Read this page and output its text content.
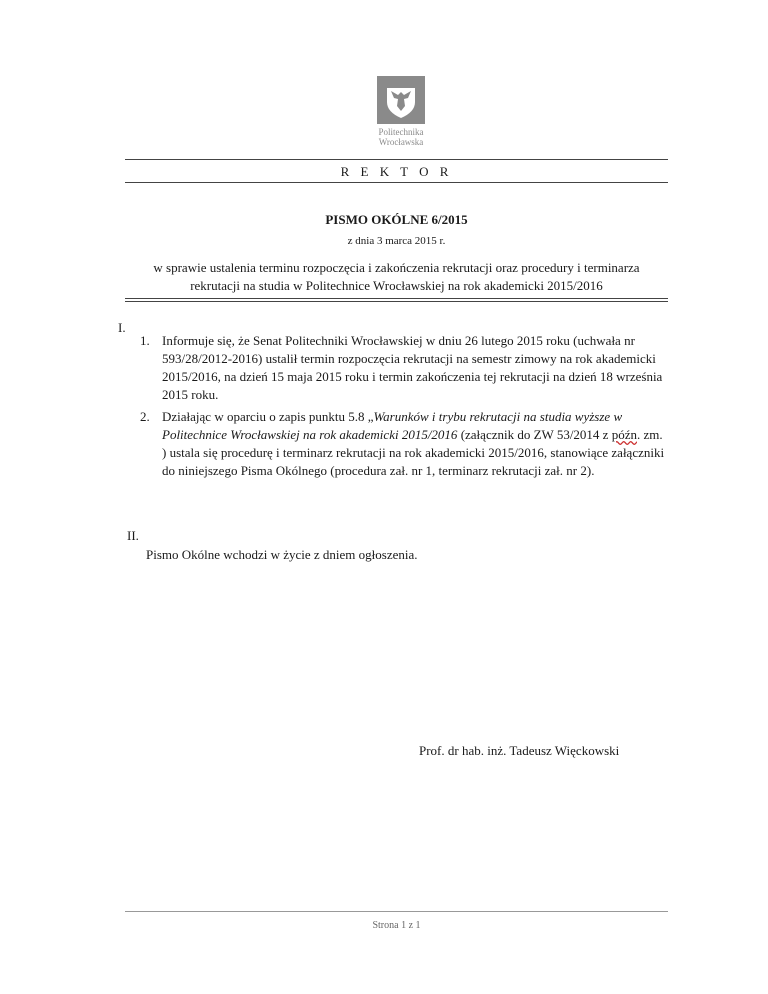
Politechnika
Wrocławska
R E K T O R
PISMO OKÓLNE 6/2015
z dnia 3 marca 2015 r.
w sprawie ustalenia terminu rozpoczęcia i zakończenia rekrutacji oraz procedury i terminarza
rekrutacji na studia w Politechnice Wrocławskiej na rok akademicki 2015/2016
I.
1. Informuje się, że Senat Politechniki Wrocławskiej w dniu 26 lutego 2015 roku (uchwała nr 593/28/2012-2016) ustalił termin rozpoczęcia rekrutacji na semestr zimowy na rok akademicki 2015/2016, na dzień 15 maja 2015 roku i termin zakończenia tej rekrutacji na dzień 18 września 2015 roku.
2. Działając w oparciu o zapis punktu 5.8 „Warunków i trybu rekrutacji na studia wyższe w Politechnice Wrocławskiej na rok akademicki 2015/2016 (załącznik do ZW 53/2014 z późn. zm. ) ustala się procedurę i terminarz rekrutacji na rok akademicki 2015/2016, stanowiące załączniki do niniejszego Pisma Okólnego (procedura zał. nr 1, terminarz rekrutacji zał. nr 2).
II.
Pismo Okólne wchodzi w życie z dniem ogłoszenia.
Prof. dr hab. inż. Tadeusz Więckowski
Strona 1 z 1
